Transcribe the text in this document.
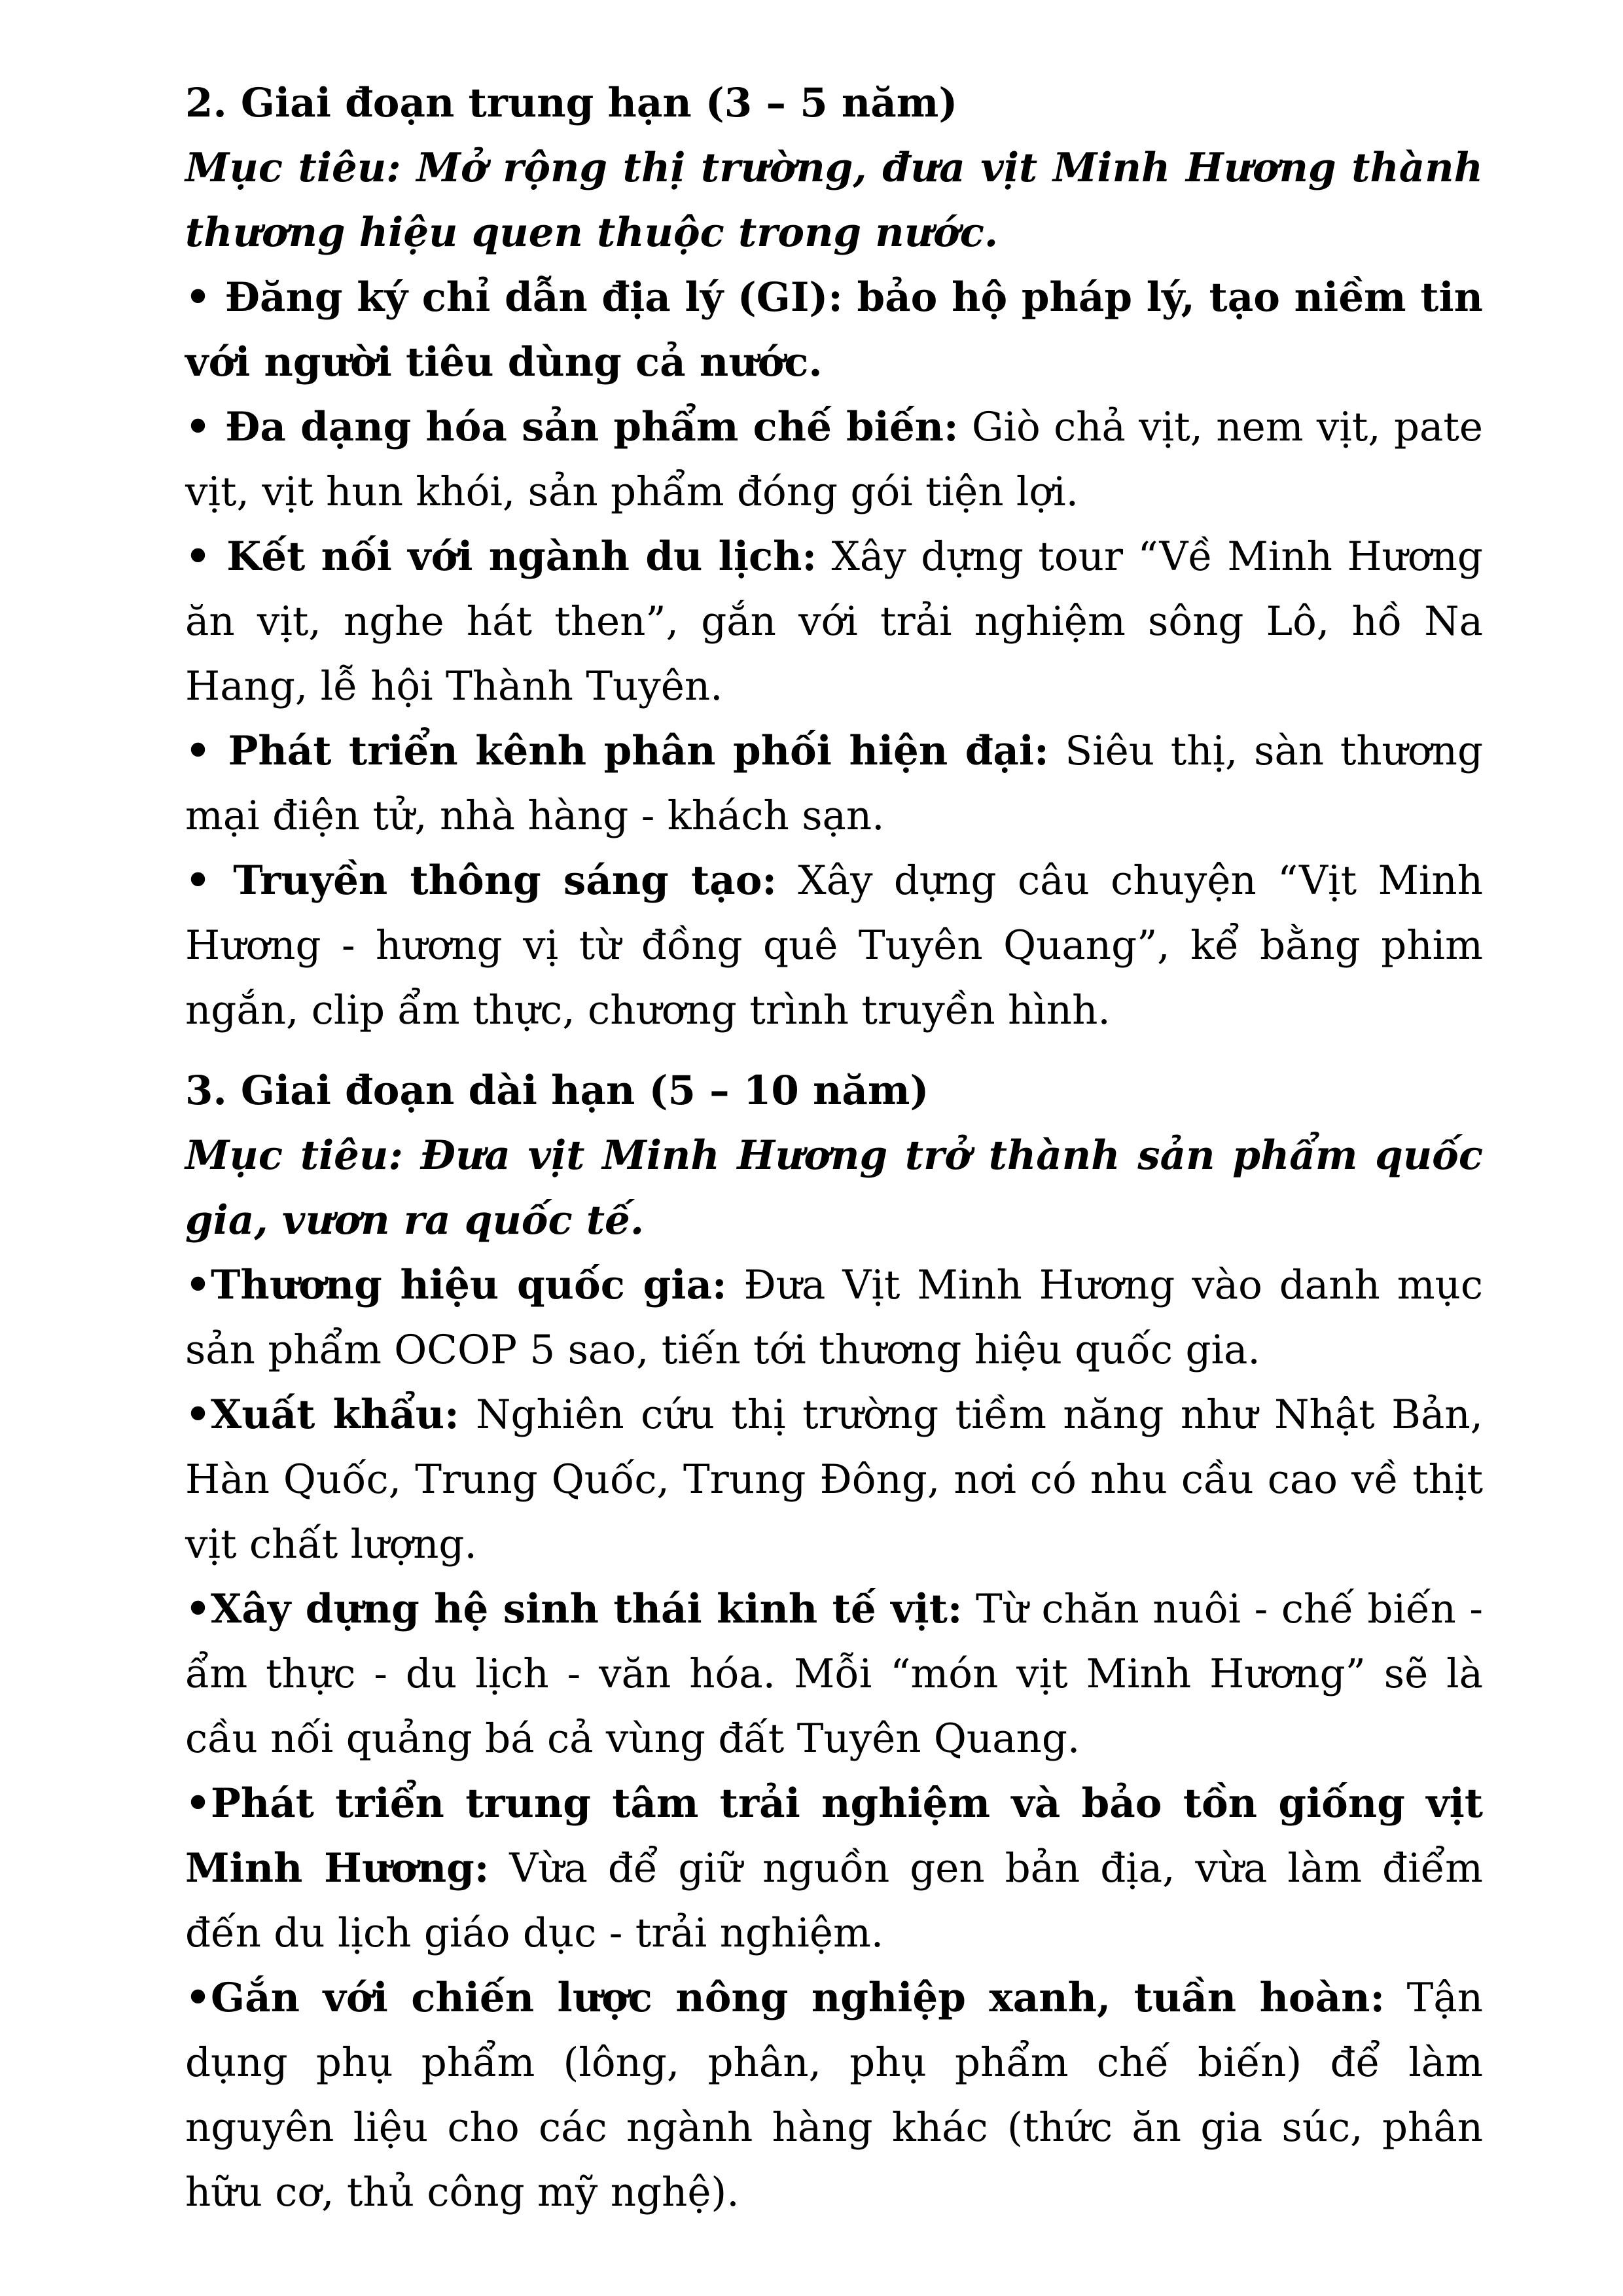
2. Giai đoạn trung hạn (3 – 5 năm)

Mục tiêu: Mở rộng thị trường, đưa vịt Minh Hương thành thương hiệu quen thuộc trong nước.

• Đăng ký chỉ dẫn địa lý (GI): bảo hộ pháp lý, tạo niềm tin với người tiêu dùng cả nước.

• Đa dạng hóa sản phẩm chế biến: Giò chả vịt, nem vịt, pate vịt, vịt hun khói, sản phẩm đóng gói tiện lợi.

• Kết nối với ngành du lịch: Xây dựng tour “Về Minh Hương ăn vịt, nghe hát then”, gắn với trải nghiệm sông Lô, hồ Na Hang, lễ hội Thành Tuyên.

• Phát triển kênh phân phối hiện đại: Siêu thị, sàn thương mại điện tử, nhà hàng - khách sạn.

• Truyền thông sáng tạo: Xây dựng câu chuyện “Vịt Minh Hương - hương vị từ đồng quê Tuyên Quang”, kể bằng phim ngắn, clip ẩm thực, chương trình truyền hình.

3. Giai đoạn dài hạn (5 – 10 năm)

Mục tiêu: Đưa vịt Minh Hương trở thành sản phẩm quốc gia, vươn ra quốc tế.

•Thương hiệu quốc gia: Đưa Vịt Minh Hương vào danh mục sản phẩm OCOP 5 sao, tiến tới thương hiệu quốc gia.

•Xuất khẩu: Nghiên cứu thị trường tiềm năng như Nhật Bản, Hàn Quốc, Trung Quốc, Trung Đông, nơi có nhu cầu cao về thịt vịt chất lượng.

•Xây dựng hệ sinh thái kinh tế vịt: Từ chăn nuôi - chế biến - ẩm thực - du lịch - văn hóa. Mỗi “món vịt Minh Hương” sẽ là cầu nối quảng bá cả vùng đất Tuyên Quang.

•Phát triển trung tâm trải nghiệm và bảo tồn giống vịt Minh Hương: Vừa để giữ nguồn gen bản địa, vừa làm điểm đến du lịch giáo dục - trải nghiệm.

•Gắn với chiến lược nông nghiệp xanh, tuần hoàn: Tận dụng phụ phẩm (lông, phân, phụ phẩm chế biến) để làm nguyên liệu cho các ngành hàng khác (thức ăn gia súc, phân hữu cơ, thủ công mỹ nghệ).
